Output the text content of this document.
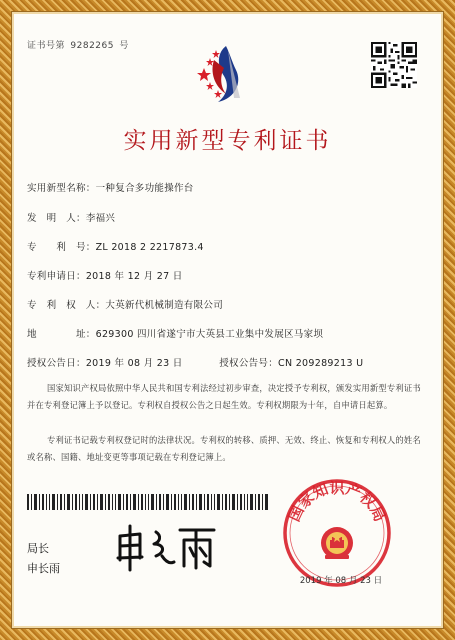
证书号第 9282265 号
实用新型专利证书
实用新型名称：一种复合多功能操作台
发　明　人：李福兴
专　　利　号：ZL 2018 2 2217873.4
专利申请日：2018 年 12 月 27 日
专　利　权　人：大英新代机械制造有限公司
地　　　　址：629300 四川省遂宁市大英县工业集中发展区马家坝
授权公告日：2019 年 08 月 23 日	授权公告号：CN 209289213 U
国家知识产权局依照中华人民共和国专利法经过初步审查，决定授予专利权，颁发实用新型专利证书并在专利登记簿上予以登记。专利权自授权公告之日起生效。专利权期限为十年，自申请日起算。
专利证书记载专利权登记时的法律状况。专利权的转移、质押、无效、终止、恢复和专利权人的姓名或名称、国籍、地址变更等事项记载在专利登记簿上。
局长
申长雨
国家知识产权局
2019 年 08 月 23 日
